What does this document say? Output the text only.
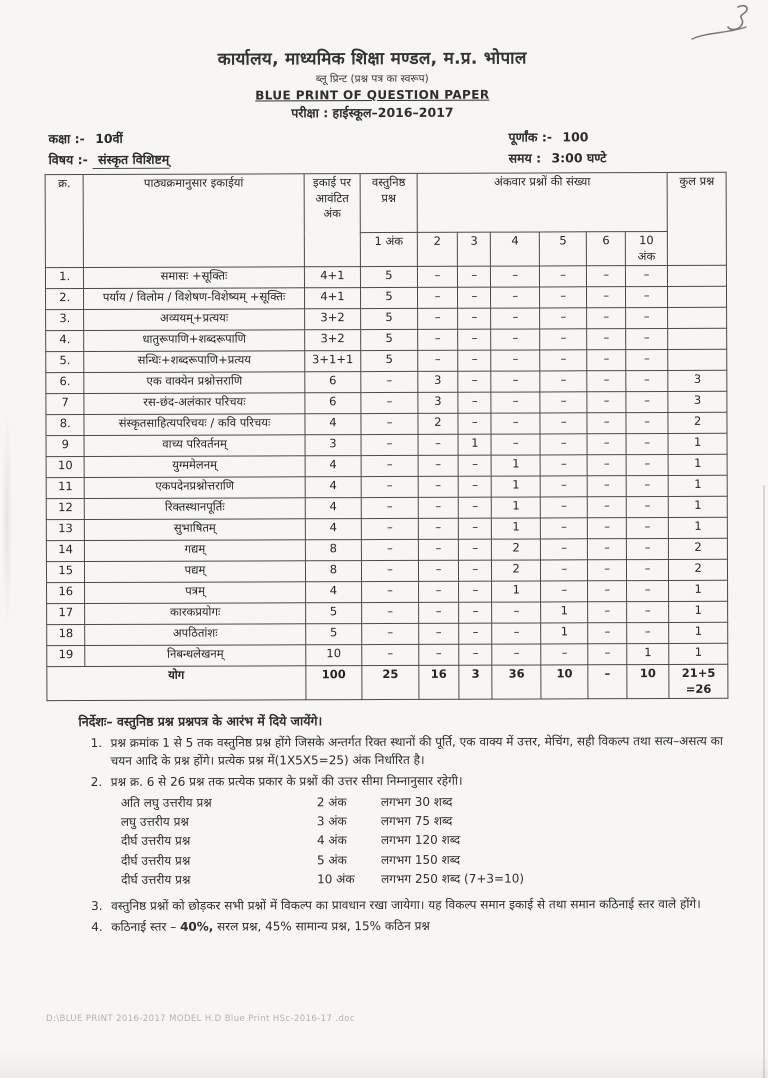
कार्यालय, माध्यमिक शिक्षा मण्डल, म.प्र. भोपाल
ब्लू प्रिन्ट (प्रश्न पत्र का स्वरूप)
BLUE PRINT OF QUESTION PAPER
परीक्षा : हाईस्कूल–2016–2017
कक्षा :- 10वीं	पूर्णांक :- 100
विषय :- संस्कृत विशिष्टम्	समय : 3:00 घण्टे
क्र.	पाठ्यक्रमानुसार इकाईयां	इकाई पर आवंटित अंक	वस्तुनिष्ठ प्रश्न	अंकवार प्रश्नों की संख्या						कुल प्रश्न
			1 अंक	2	3	4	5	6	10 अंक	
1.	समासः +सूक्तिः	4+1	5	–	–	–	–	–	–	
2.	पर्याय / विलोम / विशेषण-विशेष्यम् +सूक्तिः	4+1	5	–	–	–	–	–	–	
3.	अव्ययम्+प्रत्ययः	3+2	5	–	–	–	–	–	–	
4.	धातुरूपाणि+शब्दरूपाणि	3+2	5	–	–	–	–	–	–	
5.	सन्धिः+शब्दरूपाणि+प्रत्यय	3+1+1	5	–	–	–	–	–	–	
6.	एक वाक्येन प्रश्नोत्तराणि	6	–	3	–	–	–	–	–	3
7	रस-छंद-अलंकार परिचयः	6	–	3	–	–	–	–	–	3
8.	संस्कृतसाहित्यपरिचयः / कवि परिचयः	4	–	2	–	–	–	–	–	2
9	वाच्य परिवर्तनम्	3	–	–	1	–	–	–	–	1
10	युग्ममेलनम्	4	–	–	–	1	–	–	–	1
11	एकपदेनप्रश्नोत्तराणि	4	–	–	–	1	–	–	–	1
12	रिक्तस्थानपूर्तिः	4	–	–	–	1	–	–	–	1
13	सुभाषितम्	4	–	–	–	1	–	–	–	1
14	गद्यम्	8	–	–	–	2	–	–	–	2
15	पद्यम्	8	–	–	–	2	–	–	–	2
16	पत्रम्	4	–	–	–	1	–	–	–	1
17	कारकप्रयोगः	5	–	–	–	–	1	–	–	1
18	अपठितांशः	5	–	–	–	–	1	–	–	1
19	निबन्धलेखनम्	10	–	–	–	–	–	–	1	1
योग		100	25	16	3	36	10	–	10	21+5
=26
निर्देशः– वस्तुनिष्ठ प्रश्न प्रश्नपत्र के आरंभ में दिये जायेंगे।
1. प्रश्न क्रमांक 1 से 5 तक वस्तुनिष्ठ प्रश्न होंगे जिसके अन्तर्गत रिक्त स्थानों की पूर्ति, एक वाक्य में उत्तर, मेचिंग, सही विकल्प तथा सत्य–असत्य का चयन आदि के प्रश्न होंगे। प्रत्येक प्रश्न में(1X5X5=25) अंक निर्धारित है।
2. प्रश्न क्र. 6 से 26 प्रश्न तक प्रत्येक प्रकार के प्रश्नों की उत्तर सीमा निम्नानुसार रहेगी।
अति लघु उत्तरीय प्रश्न	2 अंक	लगभग 30 शब्द
लघु उत्तरीय प्रश्न	3 अंक	लगभग 75 शब्द
दीर्घ उत्तरीय प्रश्न	4 अंक	लगभग 120 शब्द
दीर्घ उत्तरीय प्रश्न	5 अंक	लगभग 150 शब्द
दीर्घ उत्तरीय प्रश्न	10 अंक	लगभग 250 शब्द (7+3=10)
3. वस्तुनिष्ठ प्रश्नों को छोड़कर सभी प्रश्नों में विकल्प का प्रावधान रखा जायेगा। यह विकल्प समान इकाई से तथा समान कठिनाई स्तर वाले होंगे।
4. कठिनाई स्तर – 40%, सरल प्रश्न, 45% सामान्य प्रश्न, 15% कठिन प्रश्न
D:\BLUE PRINT 2016-2017 MODEL H.D Blue Print HSc-2016-17 .doc
